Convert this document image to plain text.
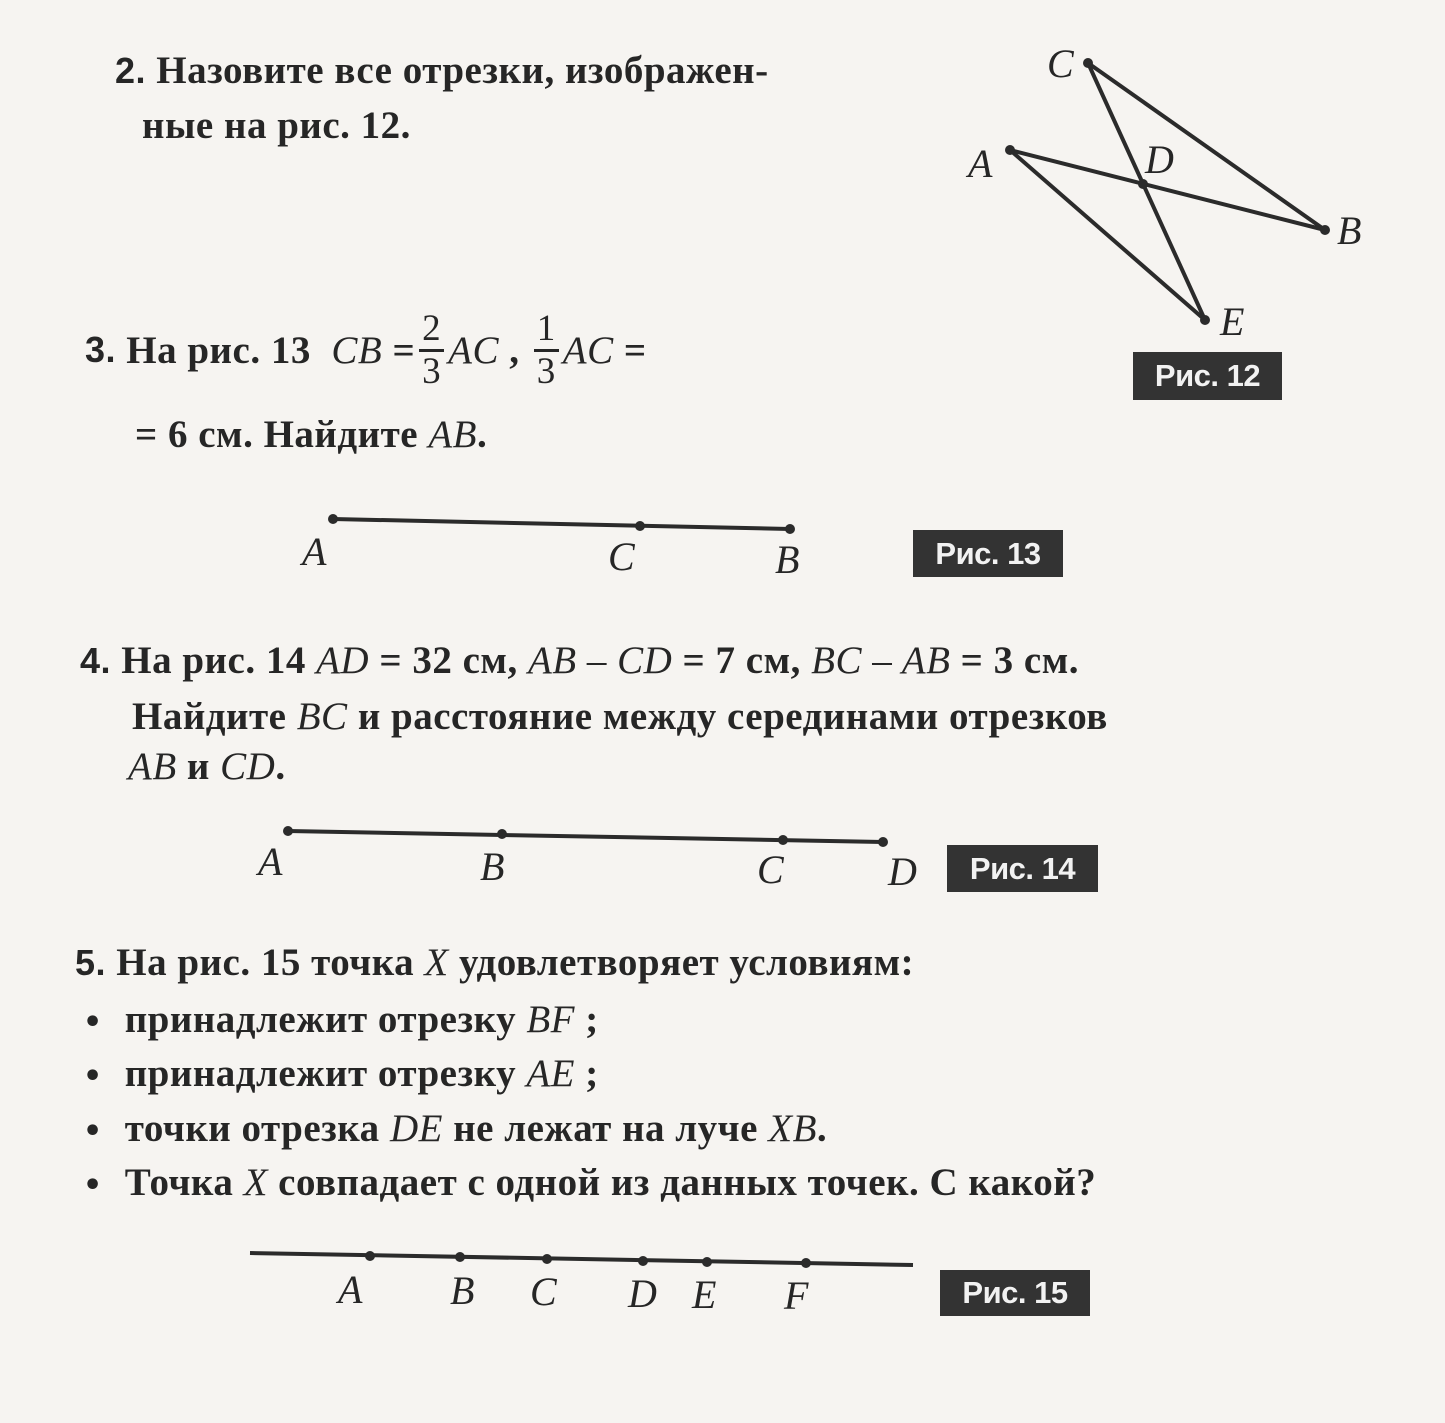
2. Назовите все отрезки, изображен-
ные на рис. 12.
C
A	D
B
E
Рис. 12
3.
На рис. 13
CB
= $\frac{2}{3}$ AC
,
$\frac{1}{3}$ AC
=
= 6 см. Найдите AB.
A	C	B	Рис. 13
4. На рис. 14 AD = 32 см, AB – CD = 7 см, BC – AB = 3 см.
Найдите BC и расстояние между серединами отрезков
AB и CD.
A	B	C	D	Рис. 14
5. На рис. 15 точка X удовлетворяет условиям:
• принадлежит отрезку BF ;
• принадлежит отрезку AE ;
• точки отрезка DE не лежат на луче XB.
• Точка X совпадает с одной из данных точек. С какой?
A B C D E F	Рис. 15
